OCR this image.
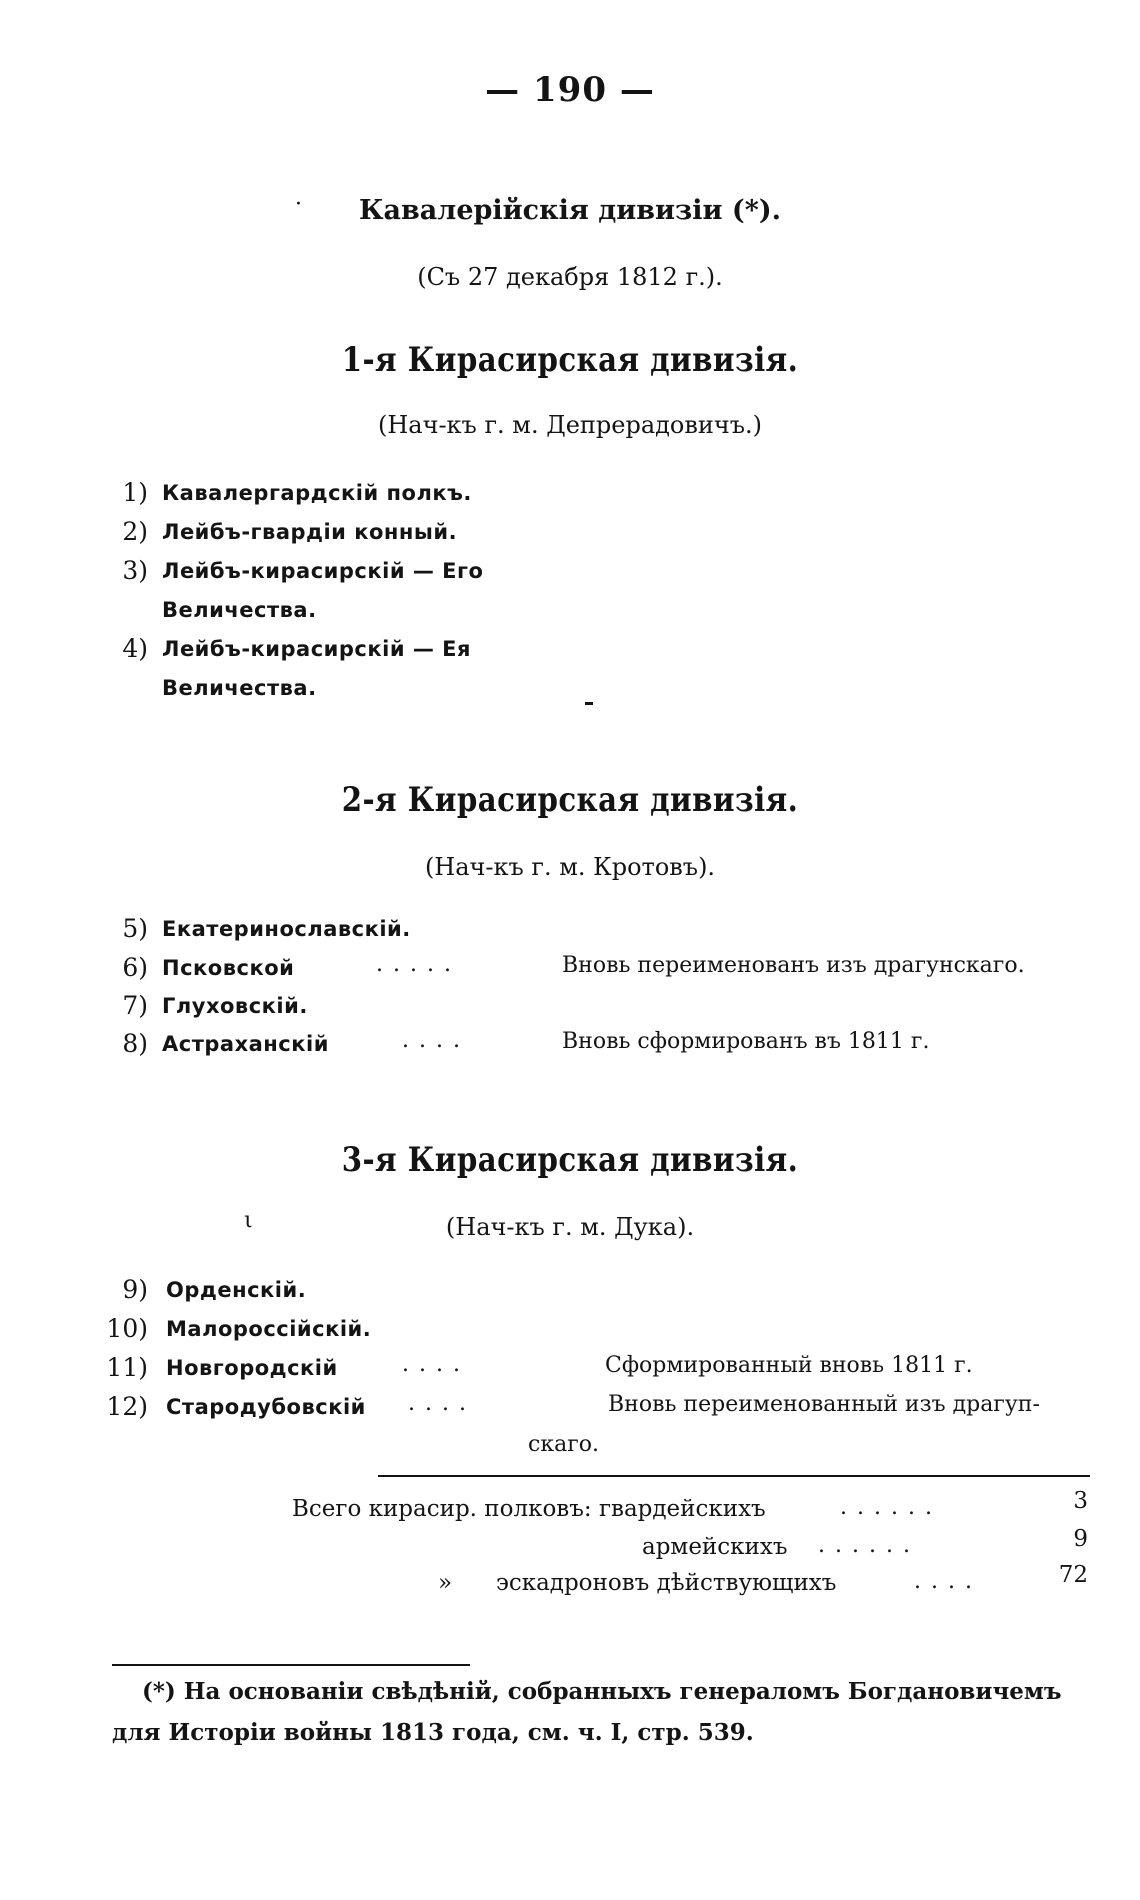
— 190 —
·	Кавалерійскія дивизіи (*).
(Съ 27 декабря 1812 г.).
1-я Кирасирская дивизія.
(Нач-къ г. м. Депрерадовичъ.)
1) Кавалергардскій полкъ.
2) Лейбъ-гвардіи конный.
3) Лейбъ-кирасирскій — Его
Величества.
4) Лейбъ-кирасирскій — Ея
Величества.
2-я Кирасирская дивизія.
(Нач-къ г. м. Кротовъ).
5) Екатеринославскій.
6) Псковской	.....	Вновь переименованъ изъ драгунскаго.
7) Глуховскій.
8) Астраханскій	....	Вновь сформированъ въ 1811 г.
3-я Кирасирская дивизія.
ι	(Нач-къ г. м. Дука).
9) Орденскій.
10) Малороссійскій.
11) Новгородскій	....	Сформированный вновь 1811 г.
12) Стародубовскій ....	Вновь переименованный изъ драгуп-
скаго.
Всего кирасир. полковъ: гвардейскихъ	......	3
армейскихъ ......	9
»      эскадроновъ дѣйствующихъ	....	72
(*) На основаніи свѣдѣній, собранныхъ генераломъ Богдановичемъ
для Исторіи войны 1813 года, см. ч. I, стр. 539.
